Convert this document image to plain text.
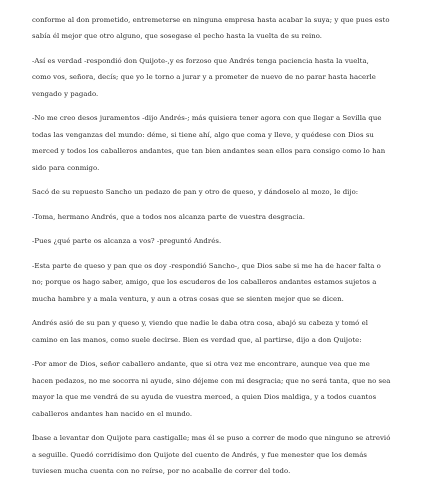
conforme al don prometido, entremeterse en ninguna empresa hasta acabar la suya; y que pues esto
sabía él mejor que otro alguno, que sosegase el pecho hasta la vuelta de su reino.

-Así es verdad -respondió don Quijote-,y es forzoso que Andrés tenga paciencia hasta la vuelta,
como vos, señora, decís; que yo le torno a jurar y a prometer de nuevo de no parar hasta hacerle
vengado y pagado.

-No me creo desos juramentos -dijo Andrés-; más quisiera tener agora con que llegar a Sevilla que
todas las venganzas del mundo: déme, si tiene ahí, algo que coma y lleve, y quédese con Dios su
merced y todos los caballeros andantes, que tan bien andantes sean ellos para consigo como lo han
sido para conmigo.

Sacó de su repuesto Sancho un pedazo de pan y otro de queso, y dándoselo al mozo, le dijo:

-Toma, hermano Andrés, que a todos nos alcanza parte de vuestra desgracia.

-Pues ¿qué parte os alcanza a vos? -preguntó Andrés.

-Esta parte de queso y pan que os doy -respondió Sancho-, que Dios sabe si me ha de hacer falta o
no; porque os hago saber, amigo, que los escuderos de los caballeros andantes estamos sujetos a
mucha hambre y a mala ventura, y aun a otras cosas que se sienten mejor que se dicen.

Andrés asió de su pan y queso y, viendo que nadie le daba otra cosa, abajó su cabeza y tomó el
camino en las manos, como suele decirse. Bien es verdad que, al partirse, dijo a don Quijote:

-Por amor de Dios, señor caballero andante, que si otra vez me encontrare, aunque vea que me
hacen pedazos, no me socorra ni ayude, sino déjeme con mi desgracia; que no será tanta, que no sea
mayor la que me vendrá de su ayuda de vuestra merced, a quien Dios maldiga, y a todos cuantos
caballeros andantes han nacido en el mundo.

Íbase a levantar don Quijote para castigalle; mas él se puso a correr de modo que ninguno se atrevió
a seguille. Quedó corridísimo don Quijote del cuento de Andrés, y fue menester que los demás
tuviesen mucha cuenta con no reírse, por no acaballe de correr del todo.
